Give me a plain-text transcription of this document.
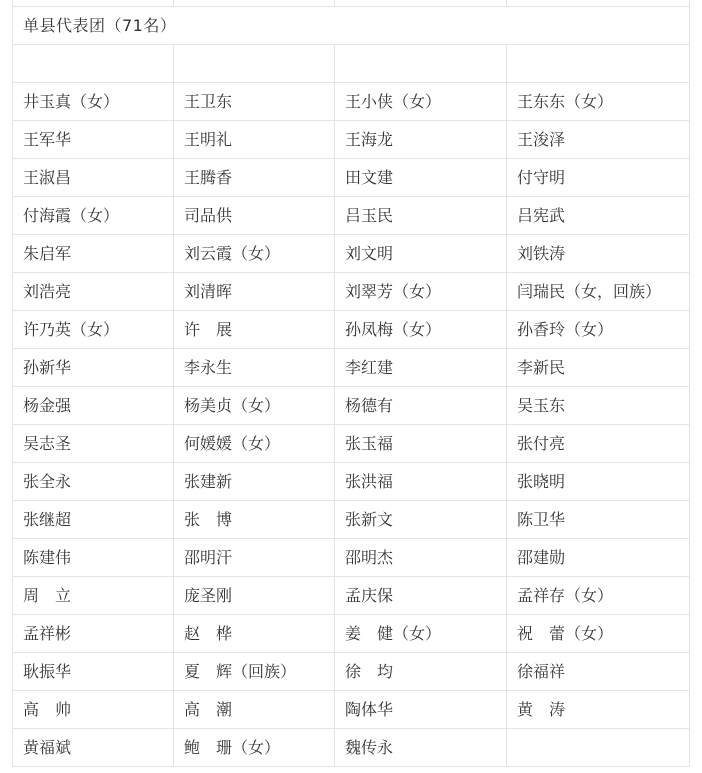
单县代表团（71名）			

井玉真（女）	王卫东	王小侠（女）	王东东（女）
王军华	王明礼	王海龙	王浚泽
王淑昌	王腾香	田文建	付守明
付海霞（女）	司品供	吕玉民	吕宪武
朱启军	刘云霞（女）	刘文明	刘铁涛
刘浩亮	刘清晖	刘翠芳（女）	闫瑞民（女，回族）
许乃英（女）	许　展	孙凤梅（女）	孙香玲（女）
孙新华	李永生	李红建	李新民
杨金强	杨美贞（女）	杨德有	吴玉东
吴志圣	何媛媛（女）	张玉福	张付亮
张全永	张建新	张洪福	张晓明
张继超	张　博	张新文	陈卫华
陈建伟	邵明汗	邵明杰	邵建勋
周　立	庞圣刚	孟庆保	孟祥存（女）
孟祥彬	赵　桦	姜　健（女）	祝　蕾（女）
耿振华	夏　辉（回族）	徐　均	徐福祥
高　帅	高　潮	陶体华	黄　涛
黄福斌	鲍　珊（女）	魏传永	
